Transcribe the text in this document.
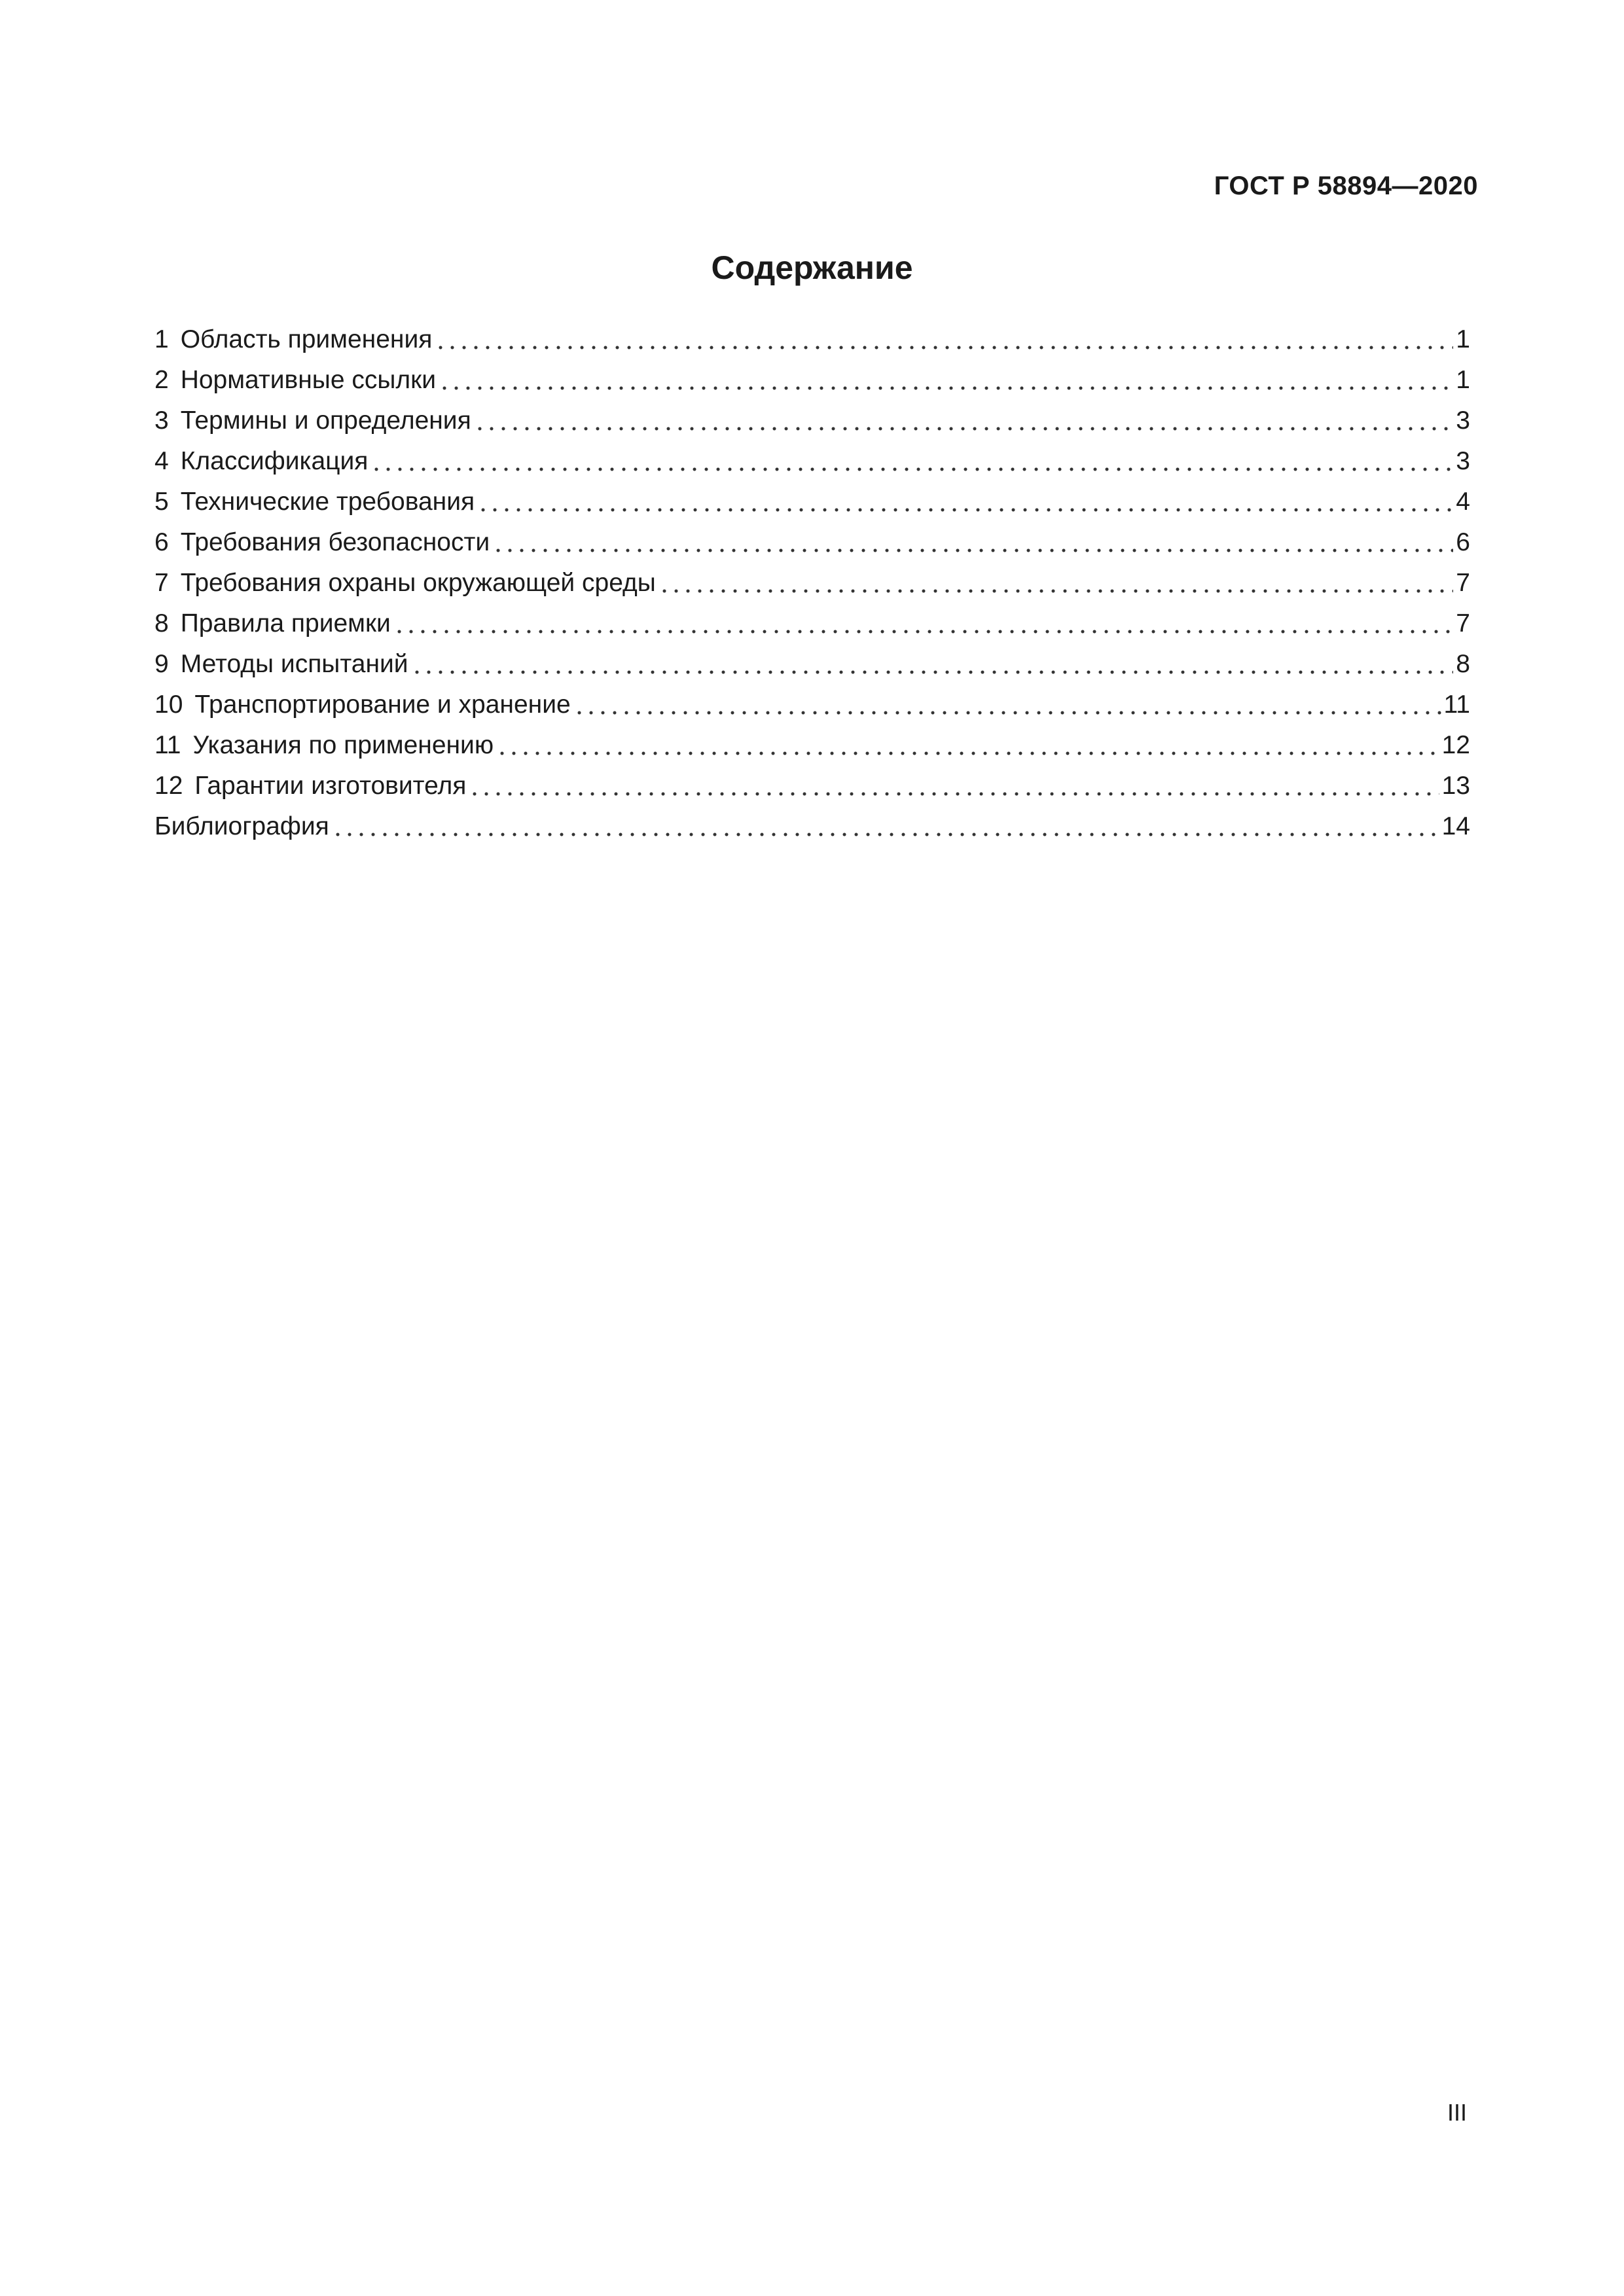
ГОСТ Р 58894—2020
Содержание
1 Область применения	1
2 Нормативные ссылки	1
3 Термины и определения	3
4 Классификация	3
5 Технические требования	4
6 Требования безопасности	6
7 Требования охраны окружающей среды	7
8 Правила приемки	7
9 Методы испытаний	8
10 Транспортирование и хранение	11
11 Указания по применению	12
12 Гарантии изготовителя	13
Библиография	14
III
